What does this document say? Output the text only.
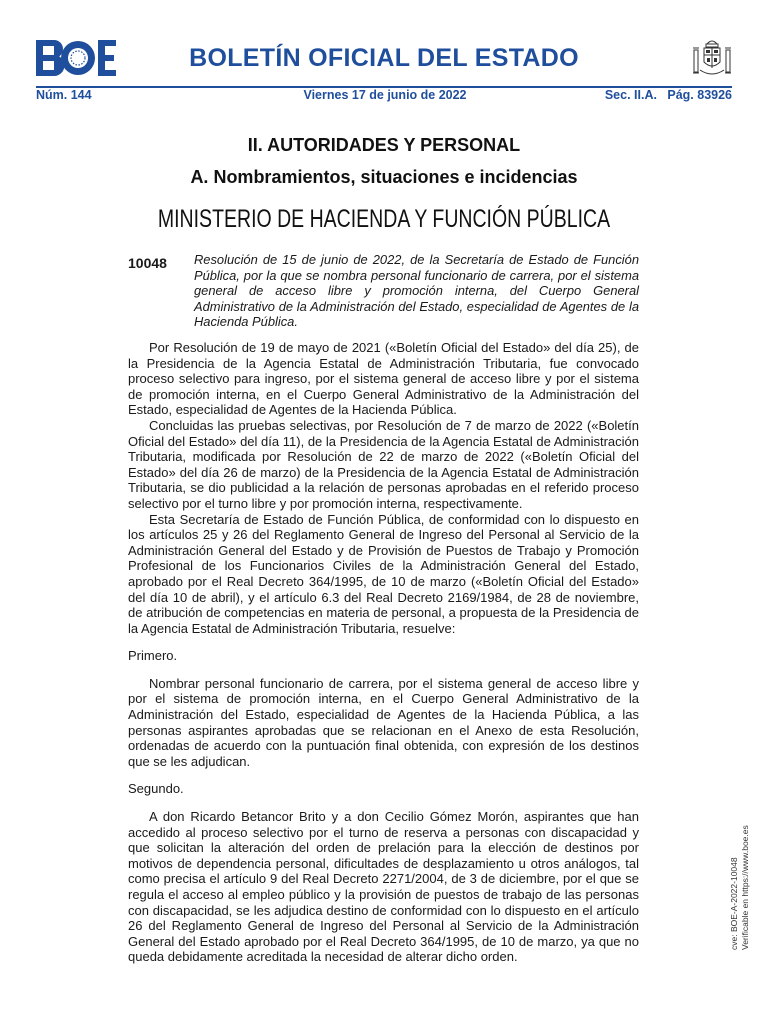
BOLETÍN OFICIAL DEL ESTADO
Núm. 144	Viernes 17 de junio de 2022	Sec. II.A.   Pág. 83926
II. AUTORIDADES Y PERSONAL
A. Nombramientos, situaciones e incidencias
MINISTERIO DE HACIENDA Y FUNCIÓN PÚBLICA
10048 Resolución de 15 de junio de 2022, de la Secretaría de Estado de Función Pública, por la que se nombra personal funcionario de carrera, por el sistema general de acceso libre y promoción interna, del Cuerpo General Administrativo de la Administración del Estado, especialidad de Agentes de la Hacienda Pública.

Por Resolución de 19 de mayo de 2021 («Boletín Oficial del Estado» del día 25), de la Presidencia de la Agencia Estatal de Administración Tributaria, fue convocado proceso selectivo para ingreso, por el sistema general de acceso libre y por el sistema de promoción interna, en el Cuerpo General Administrativo de la Administración del Estado, especialidad de Agentes de la Hacienda Pública.

Concluidas las pruebas selectivas, por Resolución de 7 de marzo de 2022 («Boletín Oficial del Estado» del día 11), de la Presidencia de la Agencia Estatal de Administración Tributaria, modificada por Resolución de 22 de marzo de 2022 («Boletín Oficial del Estado» del día 26 de marzo) de la Presidencia de la Agencia Estatal de Administración Tributaria, se dio publicidad a la relación de personas aprobadas en el referido proceso selectivo por el turno libre y por promoción interna, respectivamente.

Esta Secretaría de Estado de Función Pública, de conformidad con lo dispuesto en los artículos 25 y 26 del Reglamento General de Ingreso del Personal al Servicio de la Administración General del Estado y de Provisión de Puestos de Trabajo y Promoción Profesional de los Funcionarios Civiles de la Administración General del Estado, aprobado por el Real Decreto 364/1995, de 10 de marzo («Boletín Oficial del Estado» del día 10 de abril), y el artículo 6.3 del Real Decreto 2169/1984, de 28 de noviembre, de atribución de competencias en materia de personal, a propuesta de la Presidencia de la Agencia Estatal de Administración Tributaria, resuelve:

Primero.

Nombrar personal funcionario de carrera, por el sistema general de acceso libre y por el sistema de promoción interna, en el Cuerpo General Administrativo de la Administración del Estado, especialidad de Agentes de la Hacienda Pública, a las personas aspirantes aprobadas que se relacionan en el Anexo de esta Resolución, ordenadas de acuerdo con la puntuación final obtenida, con expresión de los destinos que se les adjudican.

Segundo.

A don Ricardo Betancor Brito y a don Cecilio Gómez Morón, aspirantes que han accedido al proceso selectivo por el turno de reserva a personas con discapacidad y que solicitan la alteración del orden de prelación para la elección de destinos por motivos de dependencia personal, dificultades de desplazamiento u otros análogos, tal como precisa el artículo 9 del Real Decreto 2271/2004, de 3 de diciembre, por el que se regula el acceso al empleo público y la provisión de puestos de trabajo de las personas con discapacidad, se les adjudica destino de conformidad con lo dispuesto en el artículo 26 del Reglamento General de Ingreso del Personal al Servicio de la Administración General del Estado aprobado por el Real Decreto 364/1995, de 10 de marzo, ya que no queda debidamente acreditada la necesidad de alterar dicho orden.

cve: BOE-A-2022-10048 Verificable en https://www.boe.es
